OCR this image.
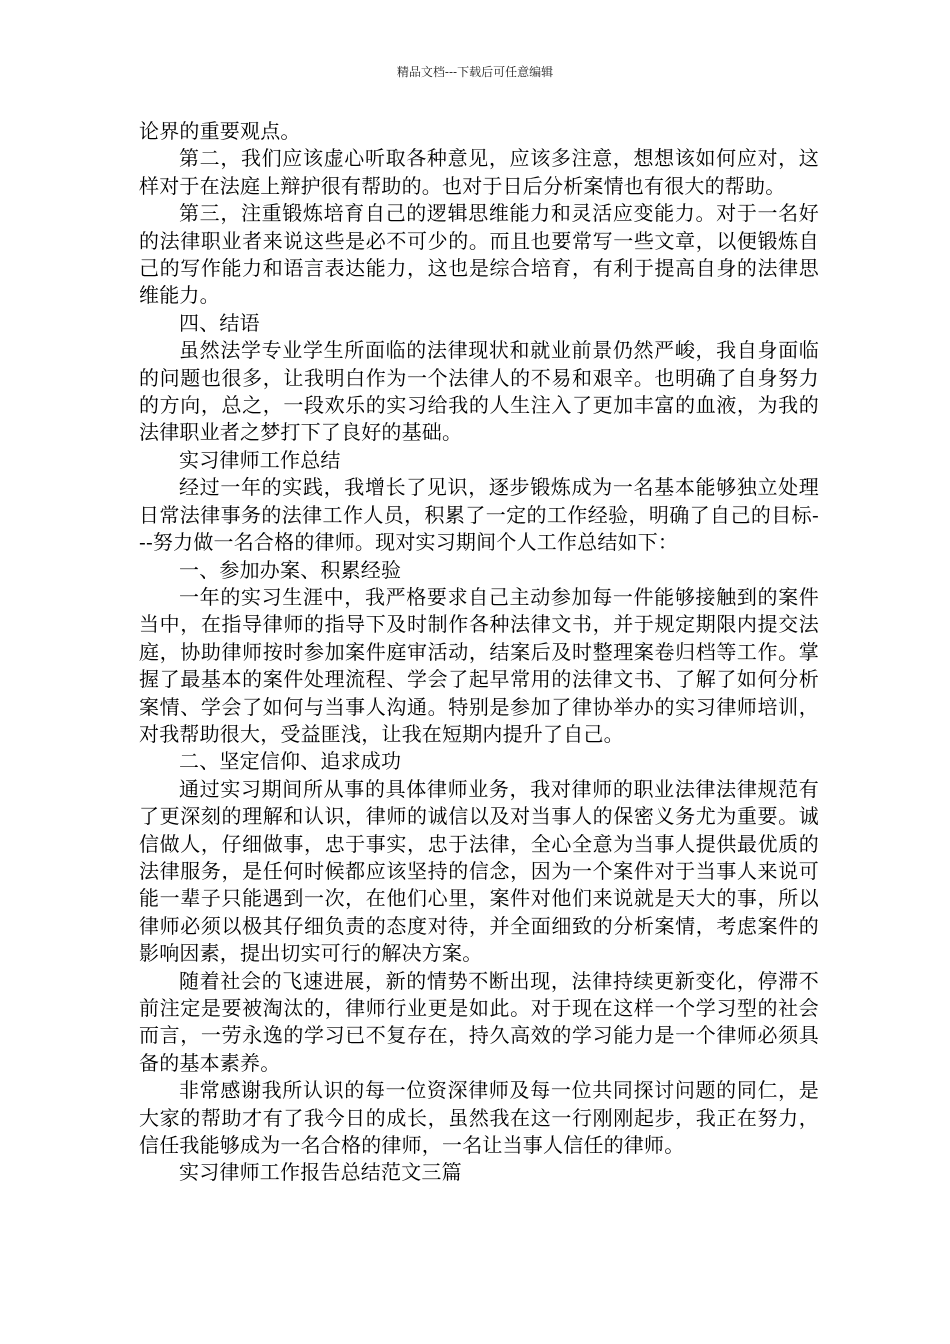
精品文档---下载后可任意编辑

论界的重要观点。

第二，我们应该虚心听取各种意见，应该多注意，想想该如何应对，这样对于在法庭上辩护很有帮助的。也对于日后分析案情也有很大的帮助。

第三，注重锻炼培育自己的逻辑思维能力和灵活应变能力。对于一名好的法律职业者来说这些是必不可少的。而且也要常写一些文章，以便锻炼自己的写作能力和语言表达能力，这也是综合培育，有利于提高自身的法律思维能力。

四、结语

虽然法学专业学生所面临的法律现状和就业前景仍然严峻，我自身面临的问题也很多，让我明白作为一个法律人的不易和艰辛。也明确了自身努力的方向，总之，一段欢乐的实习给我的人生注入了更加丰富的血液，为我的法律职业者之梦打下了良好的基础。

实习律师工作总结

经过一年的实践，我增长了见识，逐步锻炼成为一名基本能够独立处理日常法律事务的法律工作人员，积累了一定的工作经验，明确了自己的目标---努力做一名合格的律师。现对实习期间个人工作总结如下：

一、参加办案、积累经验

一年的实习生涯中，我严格要求自己主动参加每一件能够接触到的案件当中，在指导律师的指导下及时制作各种法律文书，并于规定期限内提交法庭，协助律师按时参加案件庭审活动，结案后及时整理案卷归档等工作。掌握了最基本的案件处理流程、学会了起早常用的法律文书、了解了如何分析案情、学会了如何与当事人沟通。特别是参加了律协举办的实习律师培训，对我帮助很大，受益匪浅，让我在短期内提升了自己。

二、坚定信仰、追求成功

通过实习期间所从事的具体律师业务，我对律师的职业法律法律规范有了更深刻的理解和认识，律师的诚信以及对当事人的保密义务尤为重要。诚信做人，仔细做事，忠于事实，忠于法律，全心全意为当事人提供最优质的法律服务，是任何时候都应该坚持的信念，因为一个案件对于当事人来说可能一辈子只能遇到一次，在他们心里，案件对他们来说就是天大的事，所以律师必须以极其仔细负责的态度对待，并全面细致的分析案情，考虑案件的影响因素，提出切实可行的解决方案。

随着社会的飞速进展，新的情势不断出现，法律持续更新变化，停滞不前注定是要被淘汰的，律师行业更是如此。对于现在这样一个学习型的社会而言，一劳永逸的学习已不复存在，持久高效的学习能力是一个律师必须具备的基本素养。

非常感谢我所认识的每一位资深律师及每一位共同探讨问题的同仁，是大家的帮助才有了我今日的成长，虽然我在这一行刚刚起步，我正在努力，信任我能够成为一名合格的律师，一名让当事人信任的律师。

实习律师工作报告总结范文三篇
